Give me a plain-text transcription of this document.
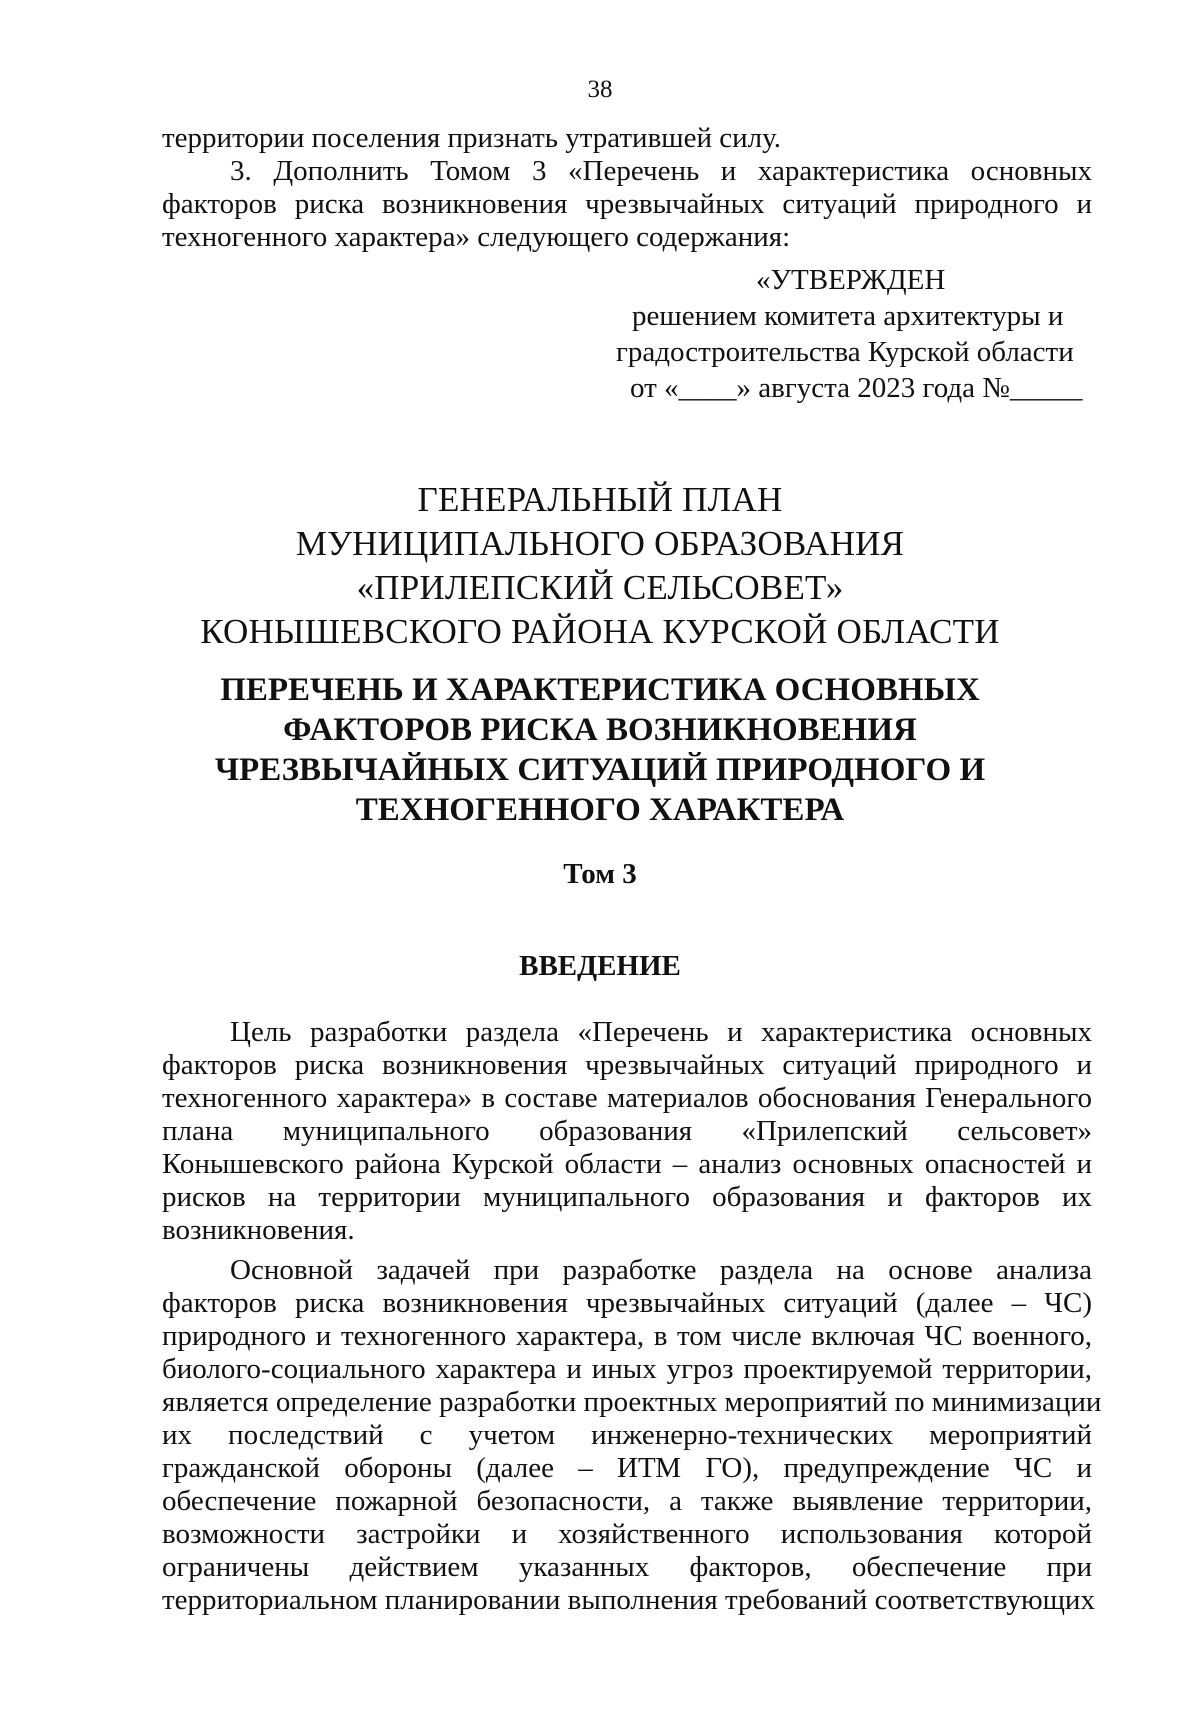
38
территории поселения признать утратившей силу.
3. Дополнить Томом 3 «Перечень и характеристика основных
факторов риска возникновения чрезвычайных ситуаций природного и
техногенного характера» следующего содержания:
«УТВЕРЖДЕН
решением комитета архитектуры и
градостроительства Курской области
от «____» августа 2023 года №_____
ГЕНЕРАЛЬНЫЙ ПЛАН
МУНИЦИПАЛЬНОГО ОБРАЗОВАНИЯ
«ПРИЛЕПСКИЙ СЕЛЬСОВЕТ»
КОНЫШЕВСКОГО РАЙОНА КУРСКОЙ ОБЛАСТИ
ПЕРЕЧЕНЬ И ХАРАКТЕРИСТИКА ОСНОВНЫХ
ФАКТОРОВ РИСКА ВОЗНИКНОВЕНИЯ
ЧРЕЗВЫЧАЙНЫХ СИТУАЦИЙ ПРИРОДНОГО И
ТЕХНОГЕННОГО ХАРАКТЕРА
Том 3
ВВЕДЕНИЕ
Цель разработки раздела «Перечень и характеристика основных
факторов риска возникновения чрезвычайных ситуаций природного и
техногенного характера» в составе материалов обоснования Генерального
плана муниципального образования «Прилепский сельсовет»
Конышевского района Курской области – анализ основных опасностей и
рисков на территории муниципального образования и факторов их
возникновения.
Основной задачей при разработке раздела на основе анализа
факторов риска возникновения чрезвычайных ситуаций (далее – ЧС)
природного и техногенного характера, в том числе включая ЧС военного,
биолого-социального характера и иных угроз проектируемой территории,
является определение разработки проектных мероприятий по минимизации
их последствий с учетом инженерно-технических мероприятий
гражданской обороны (далее – ИТМ ГО), предупреждение ЧС и
обеспечение пожарной безопасности, а также выявление территории,
возможности застройки и хозяйственного использования которой
ограничены действием указанных факторов, обеспечение при
территориальном планировании выполнения требований соответствующих
